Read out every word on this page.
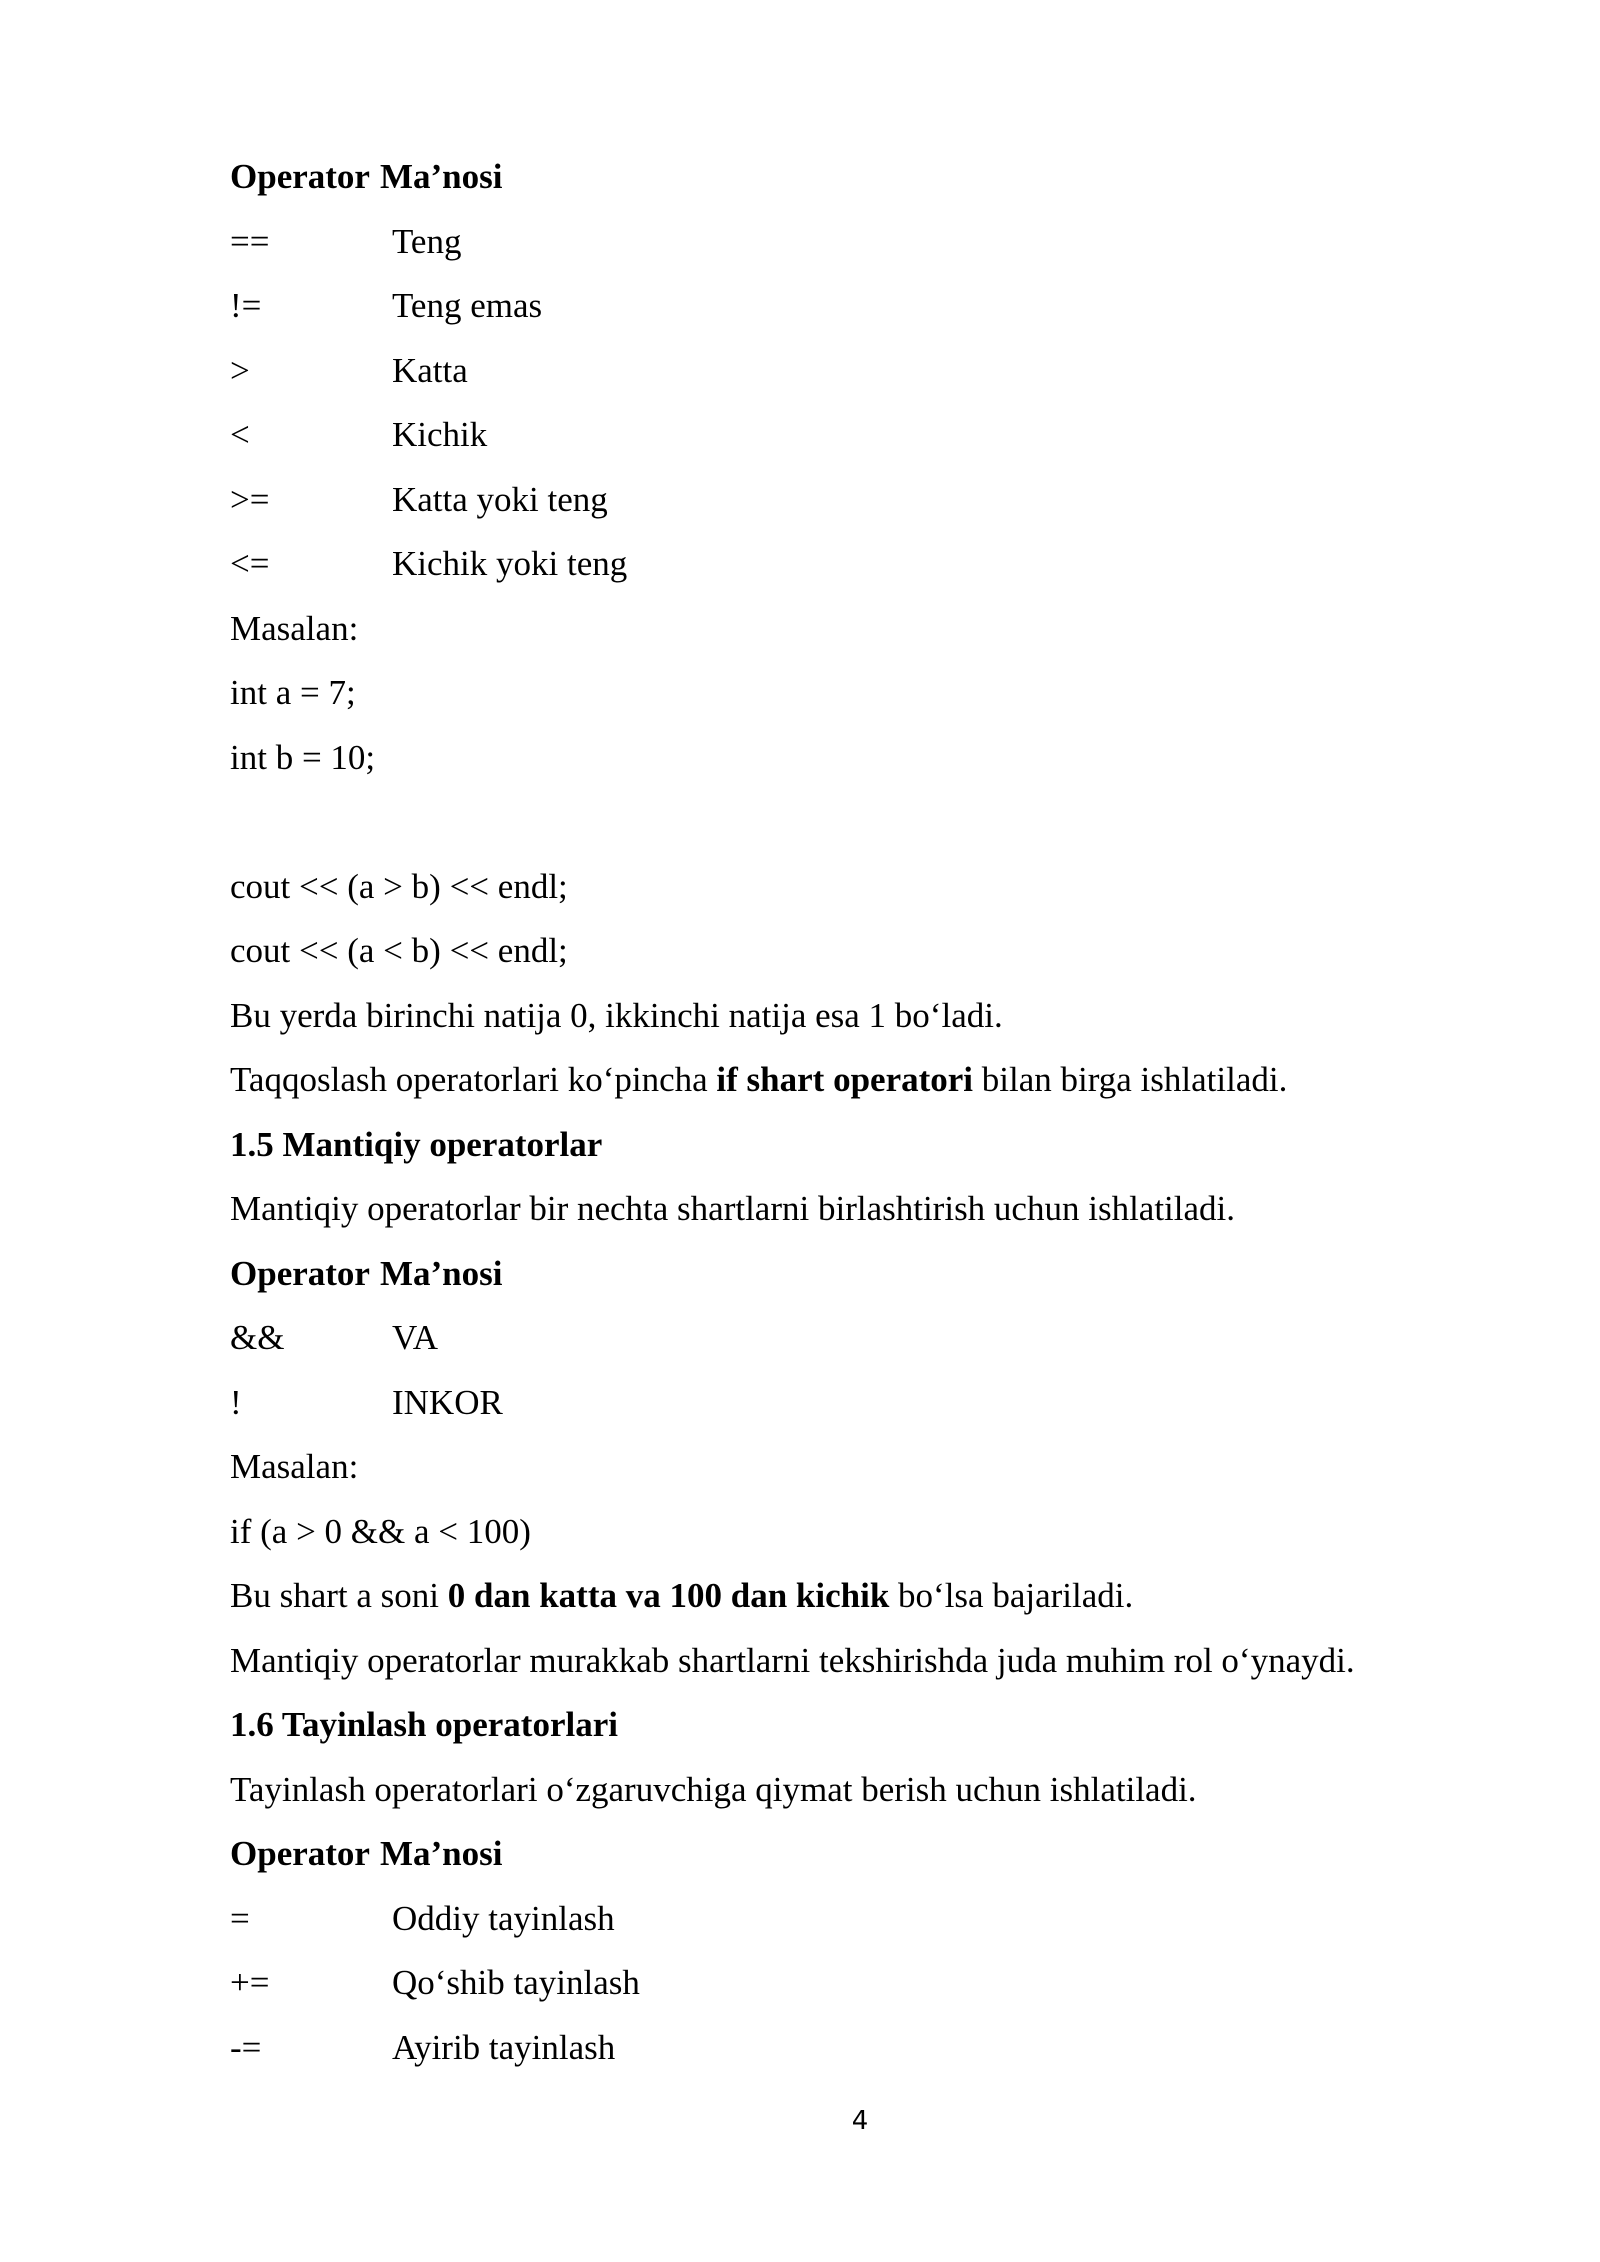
Operator Ma’nosi
==	Teng
!=	Teng emas
>	Katta
<	Kichik
>=	Katta yoki teng
<=	Kichik yoki teng
Masalan:
int a = 7;
int b = 10;
cout << (a > b) << endl;
cout << (a < b) << endl;
Bu yerda birinchi natija 0, ikkinchi natija esa 1 bo‘ladi.
Taqqoslash operatorlari ko‘pincha if shart operatori bilan birga ishlatiladi.
1.5 Mantiqiy operatorlar
Mantiqiy operatorlar bir nechta shartlarni birlashtirish uchun ishlatiladi.
Operator Ma’nosi
&&	VA
!	INKOR
Masalan:
if (a > 0 && a < 100)
Bu shart a soni 0 dan katta va 100 dan kichik bo‘lsa bajariladi.
Mantiqiy operatorlar murakkab shartlarni tekshirishda juda muhim rol o‘ynaydi.
1.6 Tayinlash operatorlari
Tayinlash operatorlari o‘zgaruvchiga qiymat berish uchun ishlatiladi.
Operator Ma’nosi
=	Oddiy tayinlash
+=	Qo‘shib tayinlash
-=	Ayirib tayinlash
4
